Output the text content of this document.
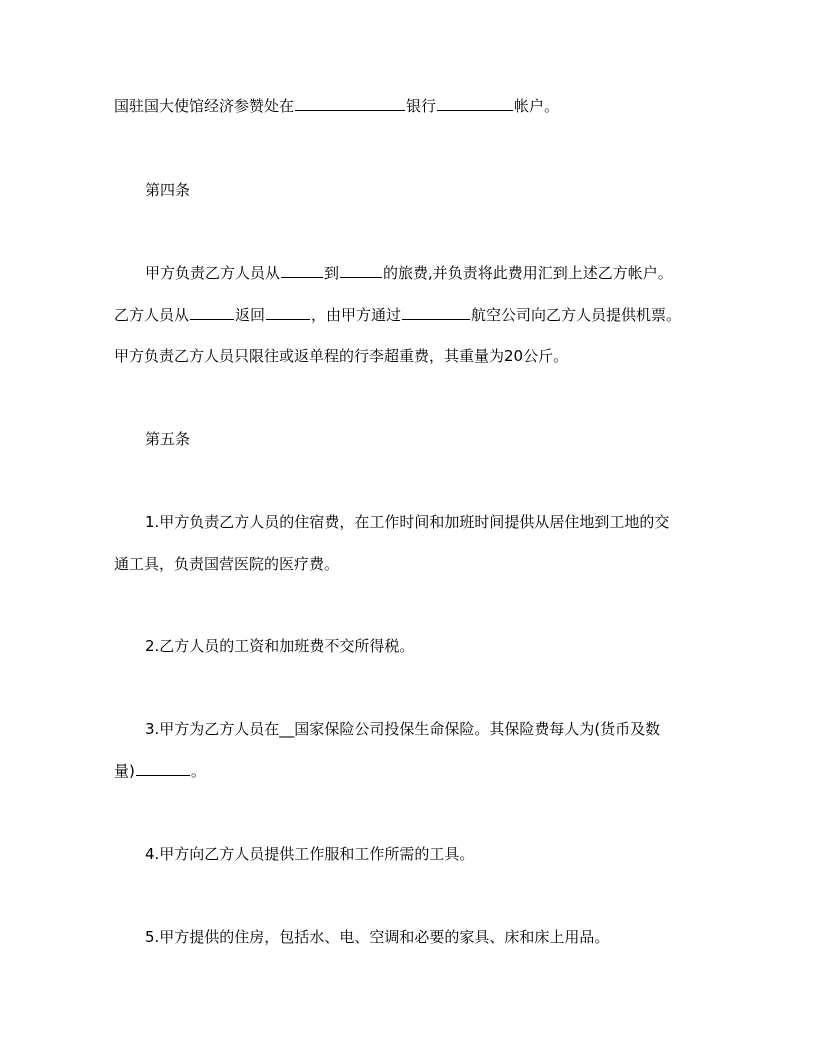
国驻国大使馆经济参赞处在	银行	帐户。
第四条
甲方负责乙方人员从	到	的旅费,并负责将此费用汇到上述乙方帐户。
乙方人员从	返回	，由甲方通过	航空公司向乙方人员提供机票。
甲方负责乙方人员只限往或返单程的行李超重费，其重量为20公斤。
第五条
1.甲方负责乙方人员的住宿费，在工作时间和加班时间提供从居住地到工地的交
通工具，负责国营医院的医疗费。
2.乙方人员的工资和加班费不交所得税。
3.甲方为乙方人员在__国家保险公司投保生命保险。其保险费每人为(货币及数
量)	。
4.甲方向乙方人员提供工作服和工作所需的工具。
5.甲方提供的住房，包括水、电、空调和必要的家具、床和床上用品。
